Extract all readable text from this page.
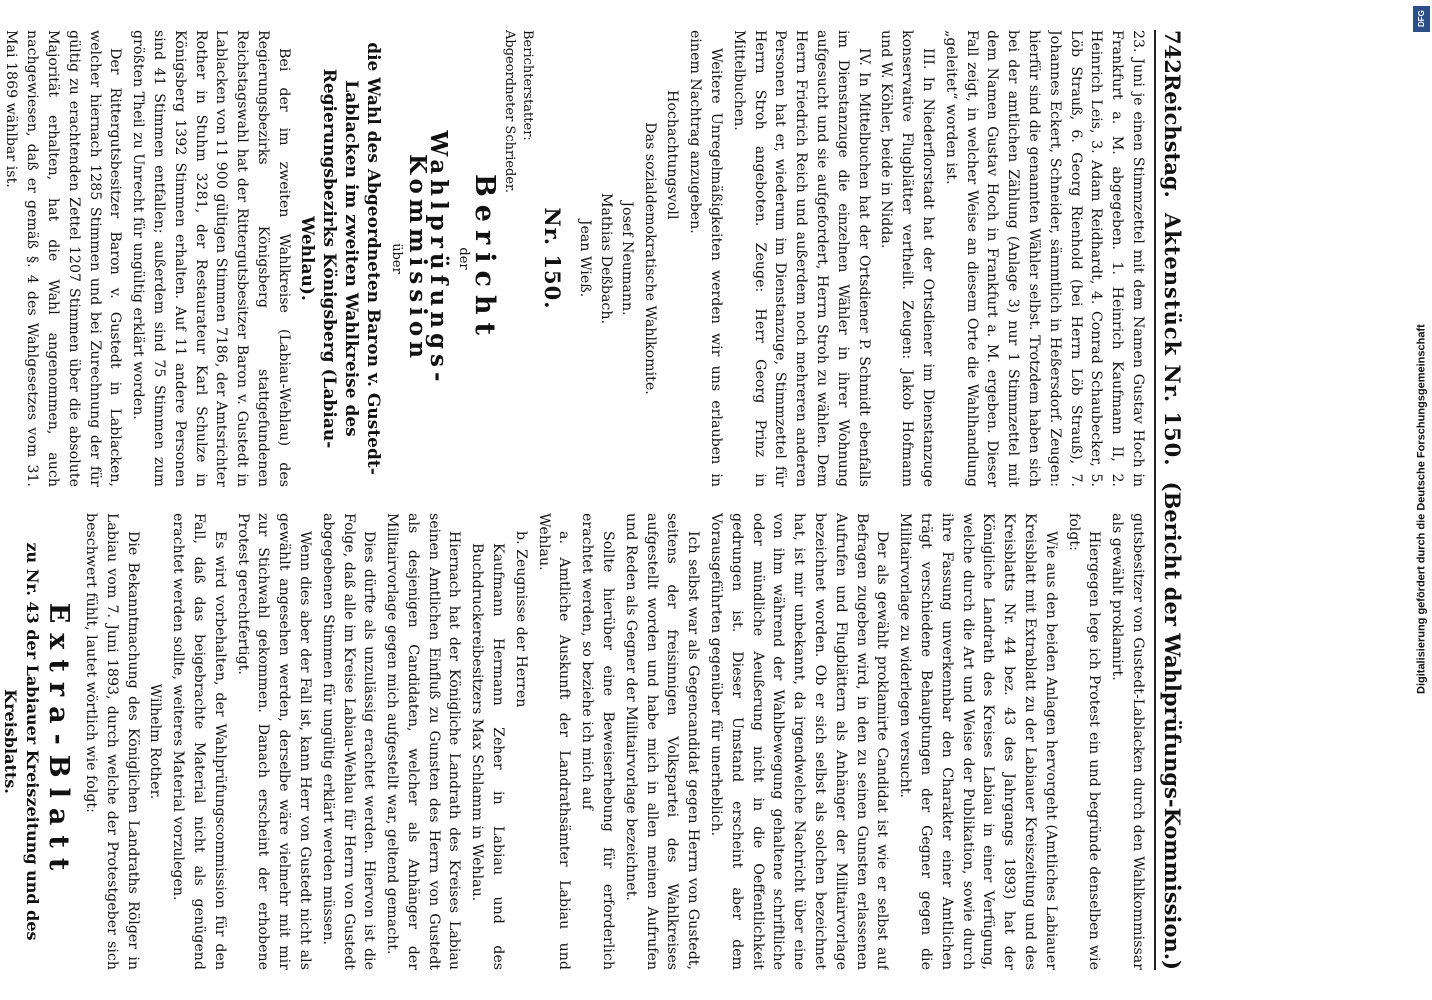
DFG
Digitalisierung gefördert durch die Deutsche Forschungsgemeinschaft
742
Reichstag.
Aktenstück Nr. 150.
(Bericht der Wahlprüfungs-Kommission.)

23. Juni je einen Stimmzettel mit dem Namen Gustav Hoch in Frankfurt a. M. abgegeben. 1. Heinrich Kaufmann II, 2. Heinrich Leis, 3. Adam Reidhardt, 4. Conrad Schaubecker, 5. Löb Strauß, 6. Georg Rienhold (bei Herrn Löb Strauß), 7. Johannes Eckert, Schneider, sämmtlich in Heßersdorf. Zeugen: hierfür sind die genannten Wähler selbst. Trotzdem haben sich bei der amtlichen Zählung (Anlage 3) nur 1 Stimmzettel mit dem Namen Gustav Hoch in Frankfurt a. M. ergeben. Dieser Fall zeigt, in welcher Weise an diesem Orte die Wahlhandlung „geleitet“ worden ist.

III. In Niederflorstadt hat der Ortsdiener im Dienstanzuge konservative Flugblätter vertheilt. Zeugen: Jakob Hofmann und W. Köhler, beide in Nidda.

IV. In Mittelbuchen hat der Ortsdiener P. Schmidt ebenfalls im Dienstanzuge die einzelnen Wähler in ihrer Wohnung aufgesucht und sie aufgefordert, Herrn Stroh zu wählen. Dem Herrn Friedrich Reich und außerdem noch mehreren anderen Personen hat er, wiederum im Dienstanzuge, Stimmzettel für Herrn Stroh angeboten. Zeuge: Herr Georg Prinz in Mittelbuchen.

Weitere Unregelmäßigkeiten werden wir uns erlauben in einem Nachtrag anzugeben.

Hochachtungsvoll

Das sozialdemokratische Wahlkomite.

Josef Neumann.
Mathias Deßbach.
Jean Wieß.
Nr. 150.
Berichterstatter:
Abgeordneter Schrieder.
Bericht
der
Wahlprüfungs-Kommission
über
die Wahl des Abgeordneten Baron v. Gustedt-Lablacken im zweiten Wahlkreise des Regierungsbezirks Königsberg (Labiau-Wehlau).

Bei der im zweiten Wahlkreise (Labiau-Wehlau) des Regierungsbezirks Königsberg stattgefundenen Reichstagswahl hat der Rittergutsbesitzer Baron v. Gustedt in Lablacken von 11 900 gültigen Stimmen 7186, der Amtsrichter Rother in Stuhm 3281, der Restaurateur Karl Schulze in Königsberg 1392 Stimmen erhalten. Auf 11 andere Personen sind 41 Stimmen entfallen; außerdem sind 75 Stimmen zum größten Theil zu Unrecht für ungültig erklärt worden.

Der Rittergutsbesitzer Baron v. Gustedt in Lablacken, welcher hiernach 1285 Stimmen und bei Zurechnung der für gültig zu erachtenden Zettel 1207 Stimmen über die absolute Majorität erhalten, hat die Wahl angenommen, auch nachgewiesen, daß er gemäß §. 4 des Wahlgesetzes vom 31. Mai 1869 wählbar ist.

gutsbesitzer von Gustedt-Lablacken durch den Wahlkommissar als gewählt proklamirt.

Hiergegen lege ich Protest ein und begründe denselben wie folgt:

Wie aus den beiden Anlagen hervorgeht (Amtliches Labiauer Kreisblatt mit Extrablatt zu der Labiauer Kreiszeitung und des Kreisblatts Nr. 44 bez. 43 des Jahrgangs 1893) hat der Königliche Landrath des Kreises Labiau in einer Verfügung, welche durch die Art und Weise der Publikation, sowie durch ihre Fassung unverkennbar den Charakter einer Amtlichen trägt verschiedene Behauptungen der Gegner gegen die Militairvorlage zu widerlegen versucht.

Der als gewählt proklamirte Candidat ist wie er selbst auf Befragen zugeben wird, in den zu seinen Gunsten erlassenen Aufrufen und Flugblättern als Anhänger der Militairvorlage bezeichnet worden. Ob er sich selbst als solchen bezeichnet hat, ist mir unbekannt, da irgendwelche Nachricht über eine von ihm während der Wahlbewegung gehaltene schriftliche oder mündliche Aeußerung nicht in die Oeffentlichkeit gedrungen ist. Dieser Umstand erscheint aber dem Vorausgeführten gegenüber für unerheblich.

Ich selbst war als Gegencandidat gegen Herrn von Gustedt, seitens der freisinnigen Volkspartei des Wahlkreises aufgestellt worden und habe mich in allen meinen Aufrufen und Reden als Gegner der Militairvorlage bezeichnet.

Sollte hierüber eine Beweiserhebung für erforderlich erachtet werden, so beziehe ich mich auf

a. Amtliche Auskunft der Landrathsämter Labiau und Wehlau.

b. Zeugnisse der Herren

Kaufmann Hermann Zeher in Labiau und des Buchdruckereibesitzers Max Schlamm in Wehlau.

Hiernach hat der Königliche Landrath des Kreises Labiau seinen Amtlichen Einfluß zu Gunsten des Herrn von Gustedt als desjenigen Candidaten, welcher als Anhänger der Militairvorlage gegen mich aufgestellt war, geltend gemacht.

Dies dürfte als unzulässig erachtet werden. Hiervon ist die Folge, daß alle im Kreise Labiau-Wehlau für Herrn von Gustedt abgegebenen Stimmen für ungültig erklärt werden müssen.

Wenn dies aber der Fall ist, kann Herr von Gustedt nicht als gewählt angesehen werden, derselbe wäre vielmehr mit mir zur Stichwahl gekommen. Danach erscheint der erhobene Protest gerechtfertigt.

Es wird vorbehalten, der Wahlprüfungscommission für den Fall, daß das beigebrachte Material nicht als genügend erachtet werden sollte, weiteres Material vorzulegen.

Wilhelm Rother.

Die Bekanntmachung des Königlichen Landraths Rölger in Labiau vom 7. Juni 1893, durch welche der Protestgeber sich beschwert fühlt, lautet wörtlich wie folgt:

Extra-Blatt
zu Nr. 43 der Labiauer Kreiszeitung und des Kreisblatts.
